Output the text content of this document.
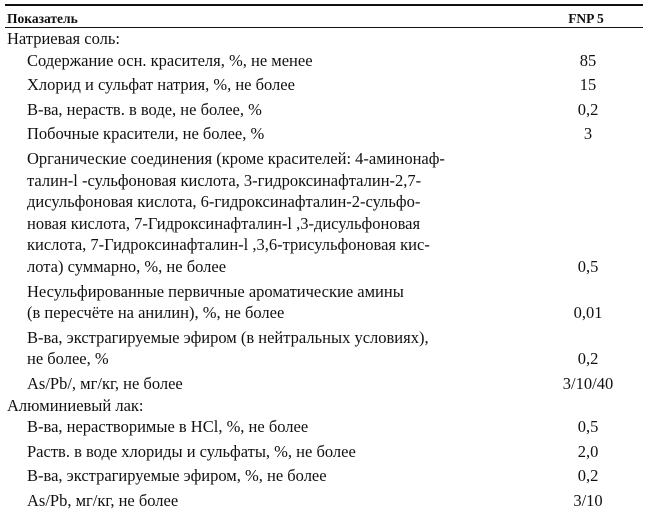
Показатель	FNP 5
Натриевая соль:
Содержание осн. красителя, %, не менее	85
Хлорид и сульфат натрия, %, не более	15
В-ва, нераств. в воде, не более, %	0,2
Побочные красители, не более, %	3
Органические соединения (кроме красителей: 4-аминонаф-
талин-l -сульфоновая кислота, 3-гидроксинафталин-2,7-
дисульфоновая кислота, 6-гидроксинафталин-2-сульфо-
новая кислота, 7-Гидроксинафталин-l ,3-дисульфоновая
кислота, 7-Гидроксинафталин-l ,3,6-трисульфоновая кис-
лота) суммарно, %, не более	0,5
Несульфированные первичные ароматические амины
(в пересчёте на анилин), %, не более	0,01
В-ва, экстрагируемые эфиром (в нейтральных условиях),
не более, %	0,2
As/Pb/, мг/кг, не более	3/10/40
Алюминиевый лак:
В-ва, нерастворимые в HCl, %, не более	0,5
Раств. в воде хлориды и сульфаты, %, не более	2,0
В-ва, экстрагируемые эфиром, %, не более	0,2
As/Pb, мг/кг, не более	3/10
